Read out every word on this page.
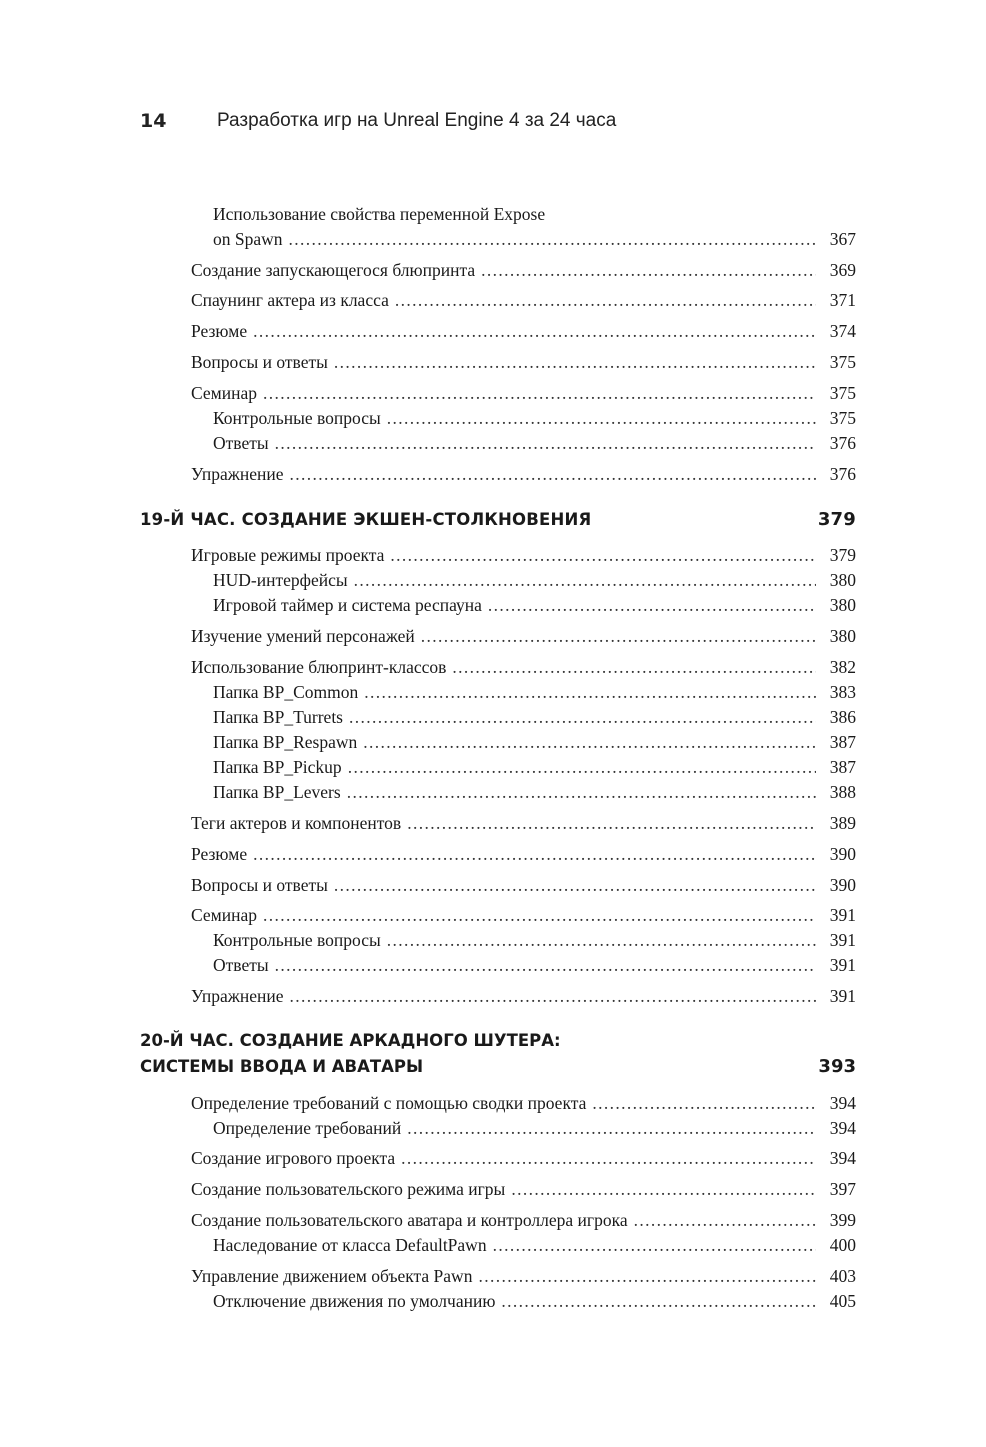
14	Разработка игр на Unreal Engine 4 за 24 часа
Использование свойства переменной Expose
on Spawn . . .	367
Создание запускающегося блюпринта . . .	369
Спаунинг актера из класса . . .	371
Резюме . . .	374
Вопросы и ответы . . .	375
Семинар . . .	375
Контрольные вопросы . . .	375
Ответы . . .	376
Упражнение . . .	376
19-Й ЧАС. СОЗДАНИЕ ЭКШЕН-СТОЛКНОВЕНИЯ	379
Игровые режимы проекта . . .	379
HUD-интерфейсы . . .	380
Игровой таймер и система респауна . . .	380
Изучение умений персонажей . . .	380
Использование блюпринт-классов . . .	382
Папка BP_Common . . .	383
Папка BP_Turrets . . .	386
Папка BP_Respawn . . .	387
Папка BP_Pickup . . .	387
Папка BP_Levers . . .	388
Теги актеров и компонентов . . .	389
Резюме . . .	390
Вопросы и ответы . . .	390
Семинар . . .	391
Контрольные вопросы . . .	391
Ответы . . .	391
Упражнение . . .	391
20-Й ЧАС. СОЗДАНИЕ АРКАДНОГО ШУТЕРА:
СИСТЕМЫ ВВОДА И АВАТАРЫ	393
Определение требований с помощью сводки проекта . . .	394
Определение требований . . .	394
Создание игрового проекта . . .	394
Создание пользовательского режима игры . . .	397
Создание пользовательского аватара и контроллера игрока . . .	399
Наследование от класса DefaultPawn . . .	400
Управление движением объекта Pawn . . .	403
Отключение движения по умолчанию . . .	405
